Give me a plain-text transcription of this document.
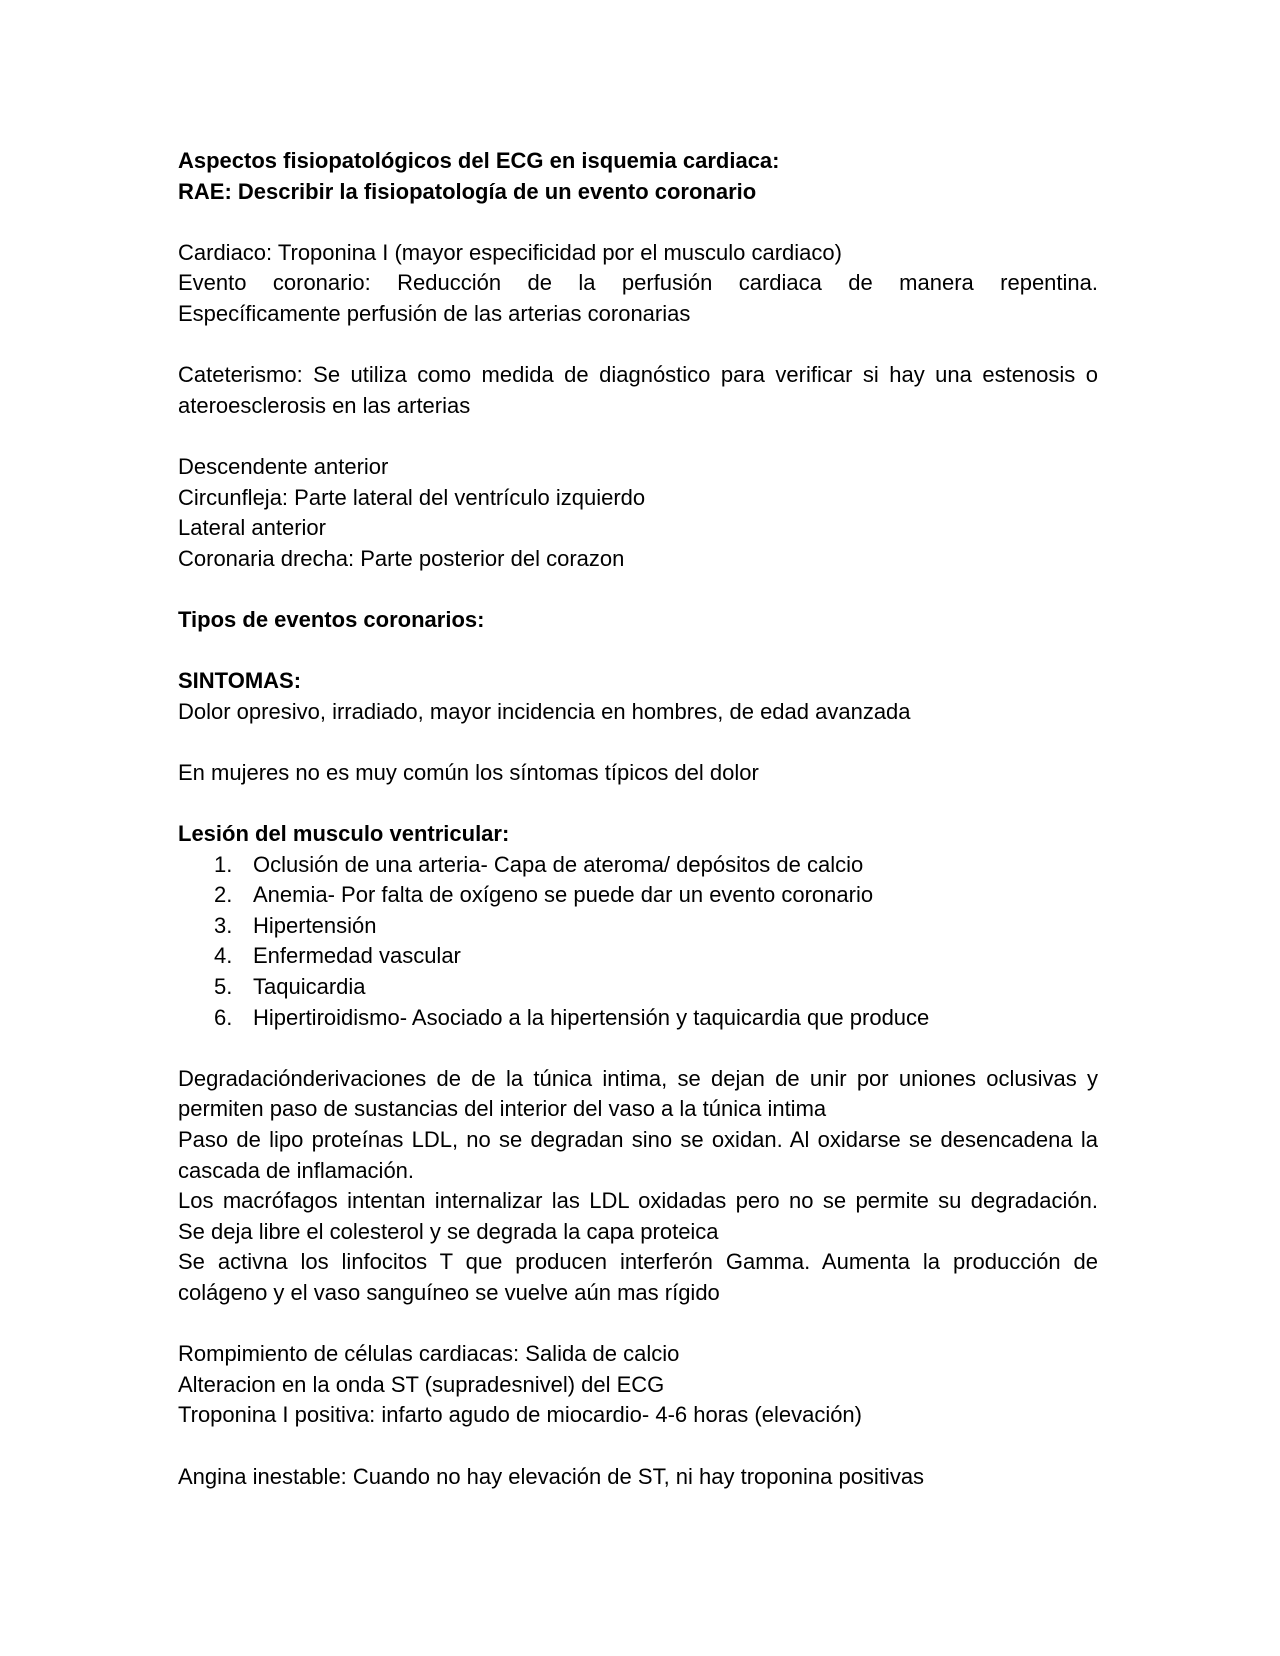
Aspectos fisiopatológicos del ECG en isquemia cardiaca:
RAE: Describir la fisiopatología de un evento coronario
Cardiaco: Troponina I (mayor especificidad por el musculo cardiaco)
Evento coronario: Reducción de la perfusión cardiaca de manera repentina.
Específicamente perfusión de las arterias coronarias
Cateterismo: Se utiliza como medida de diagnóstico para verificar si hay una estenosis o
ateroesclerosis en las arterias
Descendente anterior
Circunfleja: Parte lateral del ventrículo izquierdo
Lateral anterior
Coronaria drecha: Parte posterior del corazon
Tipos de eventos coronarios:
SINTOMAS:
Dolor opresivo, irradiado, mayor incidencia en hombres, de edad avanzada
En mujeres no es muy común los síntomas típicos del dolor
Lesión del musculo ventricular:
1. Oclusión de una arteria- Capa de ateroma/ depósitos de calcio
2. Anemia- Por falta de oxígeno se puede dar un evento coronario
3. Hipertensión
4. Enfermedad vascular
5. Taquicardia
6. Hipertiroidismo- Asociado a la hipertensión y taquicardia que produce
Degradaciónderivaciones de de la túnica intima, se dejan de unir por uniones oclusivas y
permiten paso de sustancias del interior del vaso a la túnica intima
Paso de lipo proteínas LDL, no se degradan sino se oxidan. Al oxidarse se desencadena la
cascada de inflamación.
Los macrófagos intentan internalizar las LDL oxidadas pero no se permite su degradación.
Se deja libre el colesterol y se degrada la capa proteica
Se activna los linfocitos T que producen interferón Gamma. Aumenta la producción de
colágeno y el vaso sanguíneo se vuelve aún mas rígido
Rompimiento de células cardiacas: Salida de calcio
Alteracion en la onda ST (supradesnivel) del ECG
Troponina I positiva: infarto agudo de miocardio- 4-6 horas (elevación)
Angina inestable: Cuando no hay elevación de ST, ni hay troponina positivas
